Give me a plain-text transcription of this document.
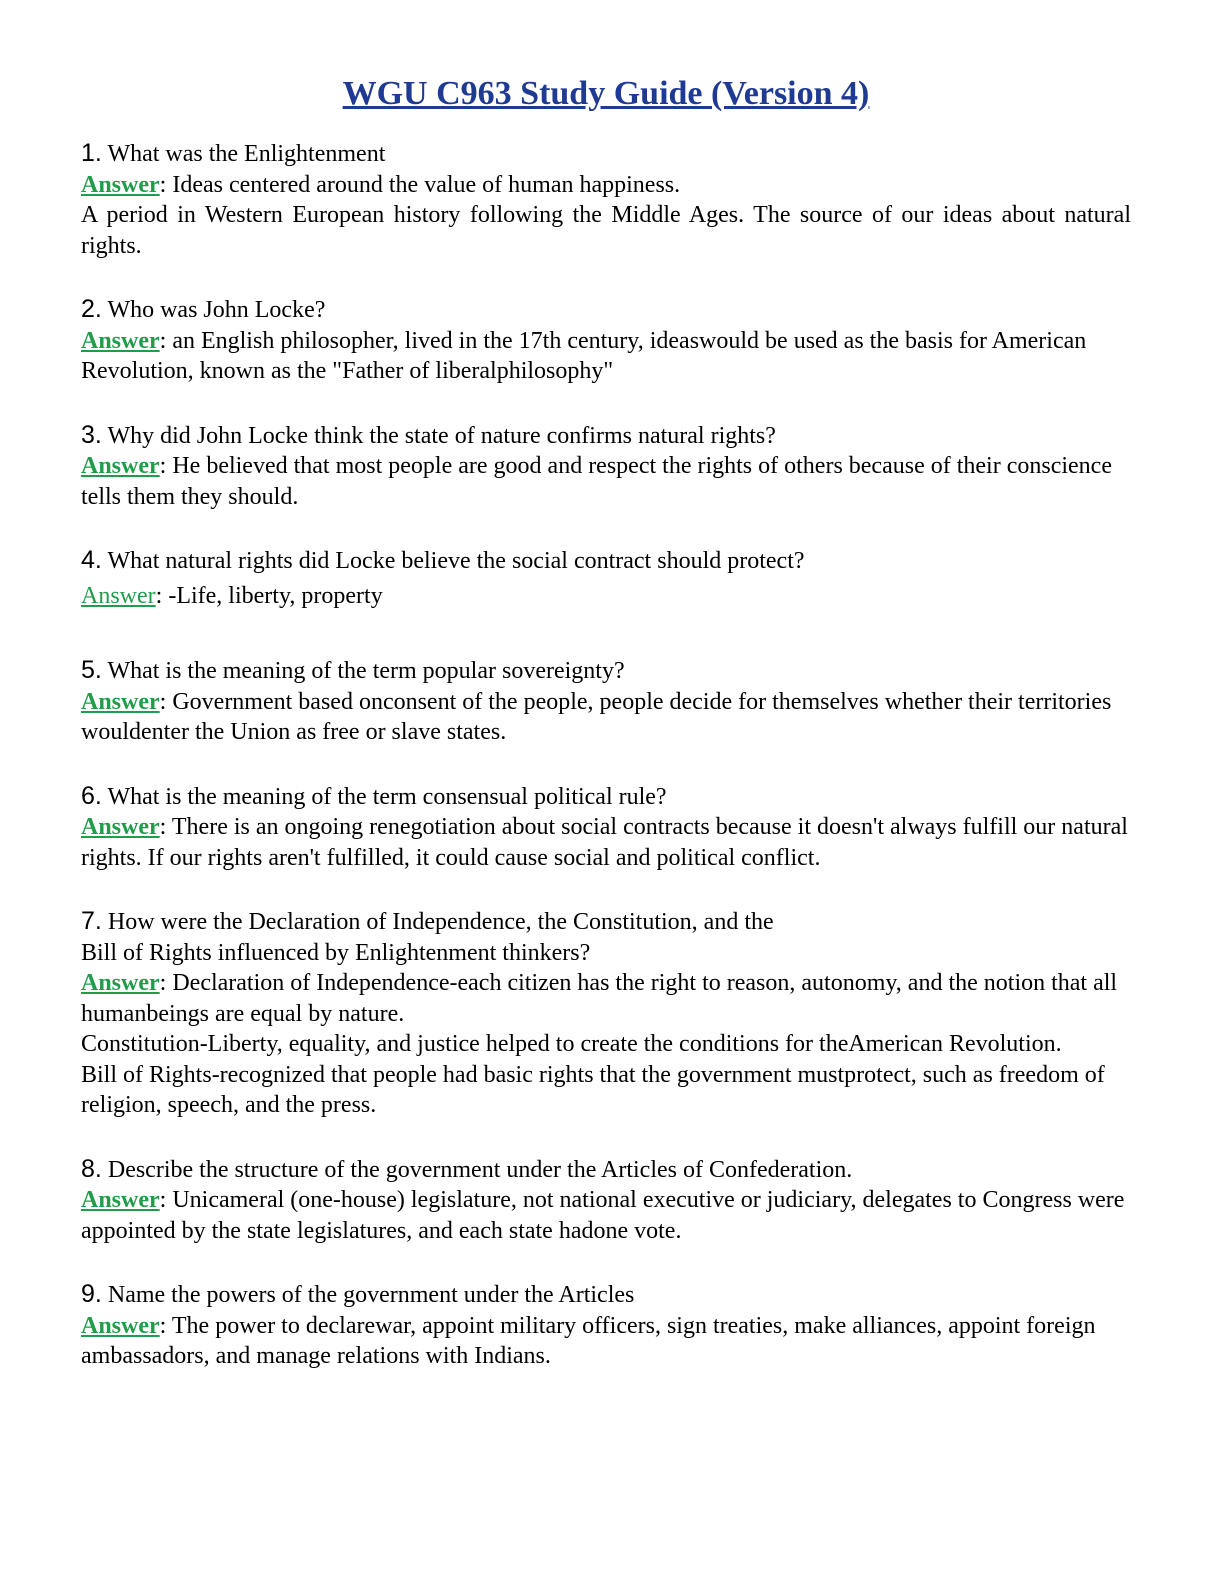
WGU C963 Study Guide (Version 4)
1. What was the Enlightenment
Answer: Ideas centered around the value of human happiness.
A period in Western European history following the Middle Ages. The source of our ideas about natural rights.
2. Who was John Locke?
Answer: an English philosopher, lived in the 17th century, ideaswould be used as the basis for American Revolution, known as the "Father of liberalphilosophy"
3. Why did John Locke think the state of nature confirms natural rights?
Answer: He believed that most people are good and respect the rights of others because of their conscience tells them they should.
4. What natural rights did Locke believe the social contract should protect?
Answer: -Life, liberty, property
5. What is the meaning of the term popular sovereignty?
Answer: Government based onconsent of the people, people decide for themselves whether their territories wouldenter the Union as free or slave states.
6. What is the meaning of the term consensual political rule?
Answer: There is an ongoing renegotiation about social contracts because it doesn't always fulfill our natural rights. If our rights aren't fulfilled, it could cause social and political conflict.
7. How were the Declaration of Independence, the Constitution, and the
Bill of Rights influenced by Enlightenment thinkers?
Answer: Declaration of Independence-each citizen has the right to reason, autonomy, and the notion that all humanbeings are equal by nature.
Constitution-Liberty, equality, and justice helped to create the conditions for theAmerican Revolution.
Bill of Rights-recognized that people had basic rights that the government mustprotect, such as freedom of religion, speech, and the press.
8. Describe the structure of the government under the Articles of Confederation.
Answer: Unicameral (one-house) legislature, not national executive or judiciary, delegates to Congress were appointed by the state legislatures, and each state hadone vote.
9. Name the powers of the government under the Articles
Answer: The power to declarewar, appoint military officers, sign treaties, make alliances, appoint foreign ambassadors, and manage relations with Indians.
